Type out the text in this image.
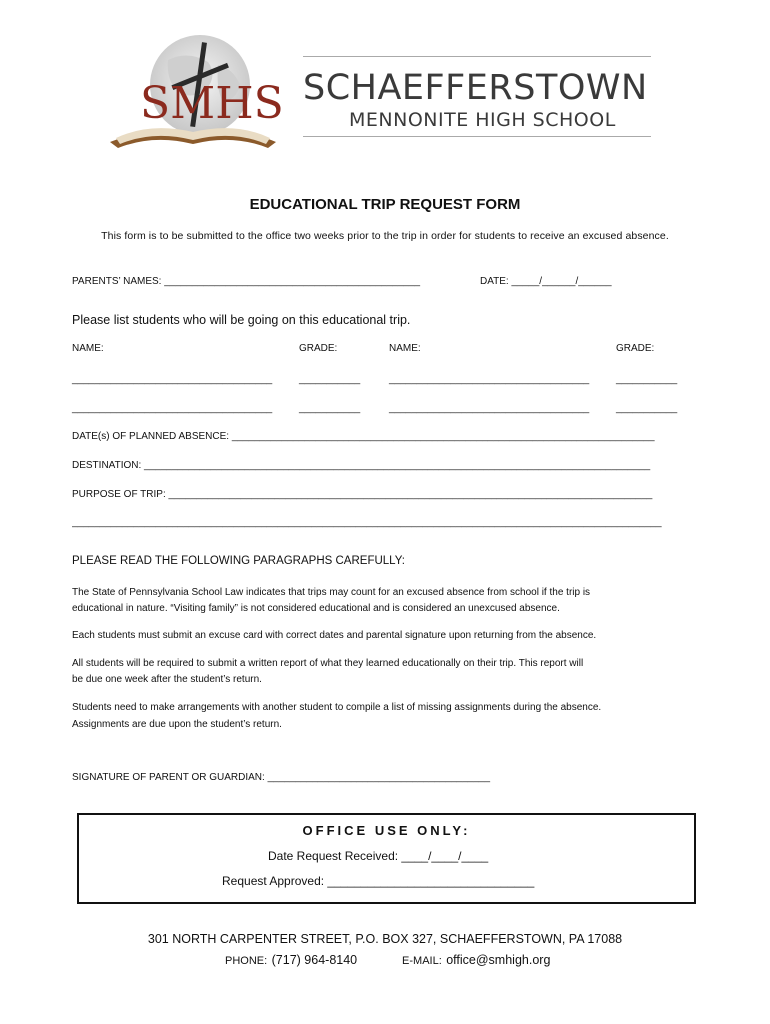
SMHS SCHAEFFERSTOWN
MENNONITE HIGH SCHOOL
EDUCATIONAL TRIP REQUEST FORM
This form is to be submitted to the office two weeks prior to the trip in order for students to receive an excused absence.
PARENTS’ NAMES: ______________________________________________	DATE: _____/______/______
Please list students who will be going on this educational trip.
NAME:	GRADE:	NAME:	GRADE:
____________________________________	___________	____________________________________	___________
____________________________________	___________	____________________________________	___________
DATE(s) OF PLANNED ABSENCE: ____________________________________________________________________________
DESTINATION: ___________________________________________________________________________________________
PURPOSE OF TRIP: _______________________________________________________________________________________
__________________________________________________________________________________________________________
PLEASE READ THE FOLLOWING PARAGRAPHS CAREFULLY:
The State of Pennsylvania School Law indicates that trips may count for an excused absence from school if the trip is
educational in nature. “Visiting family” is not considered educational and is considered an unexcused absence.
Each students must submit an excuse card with correct dates and parental signature upon returning from the absence.
All students will be required to submit a written report of what they learned educationally on their trip. This report will
be due one week after the student’s return.
Students need to make arrangements with another student to compile a list of missing assignments during the absence.
Assignments are due upon the student’s return.
SIGNATURE OF PARENT OR GUARDIAN: ________________________________________
OFFICE USE ONLY:
Date Request Received: ____/____/____
Request Approved: _______________________________
301 NORTH CARPENTER STREET, P.O. BOX 327, SCHAEFFERSTOWN, PA 17088
PHONE: (717) 964-8140	E-MAIL: office@smhigh.org
